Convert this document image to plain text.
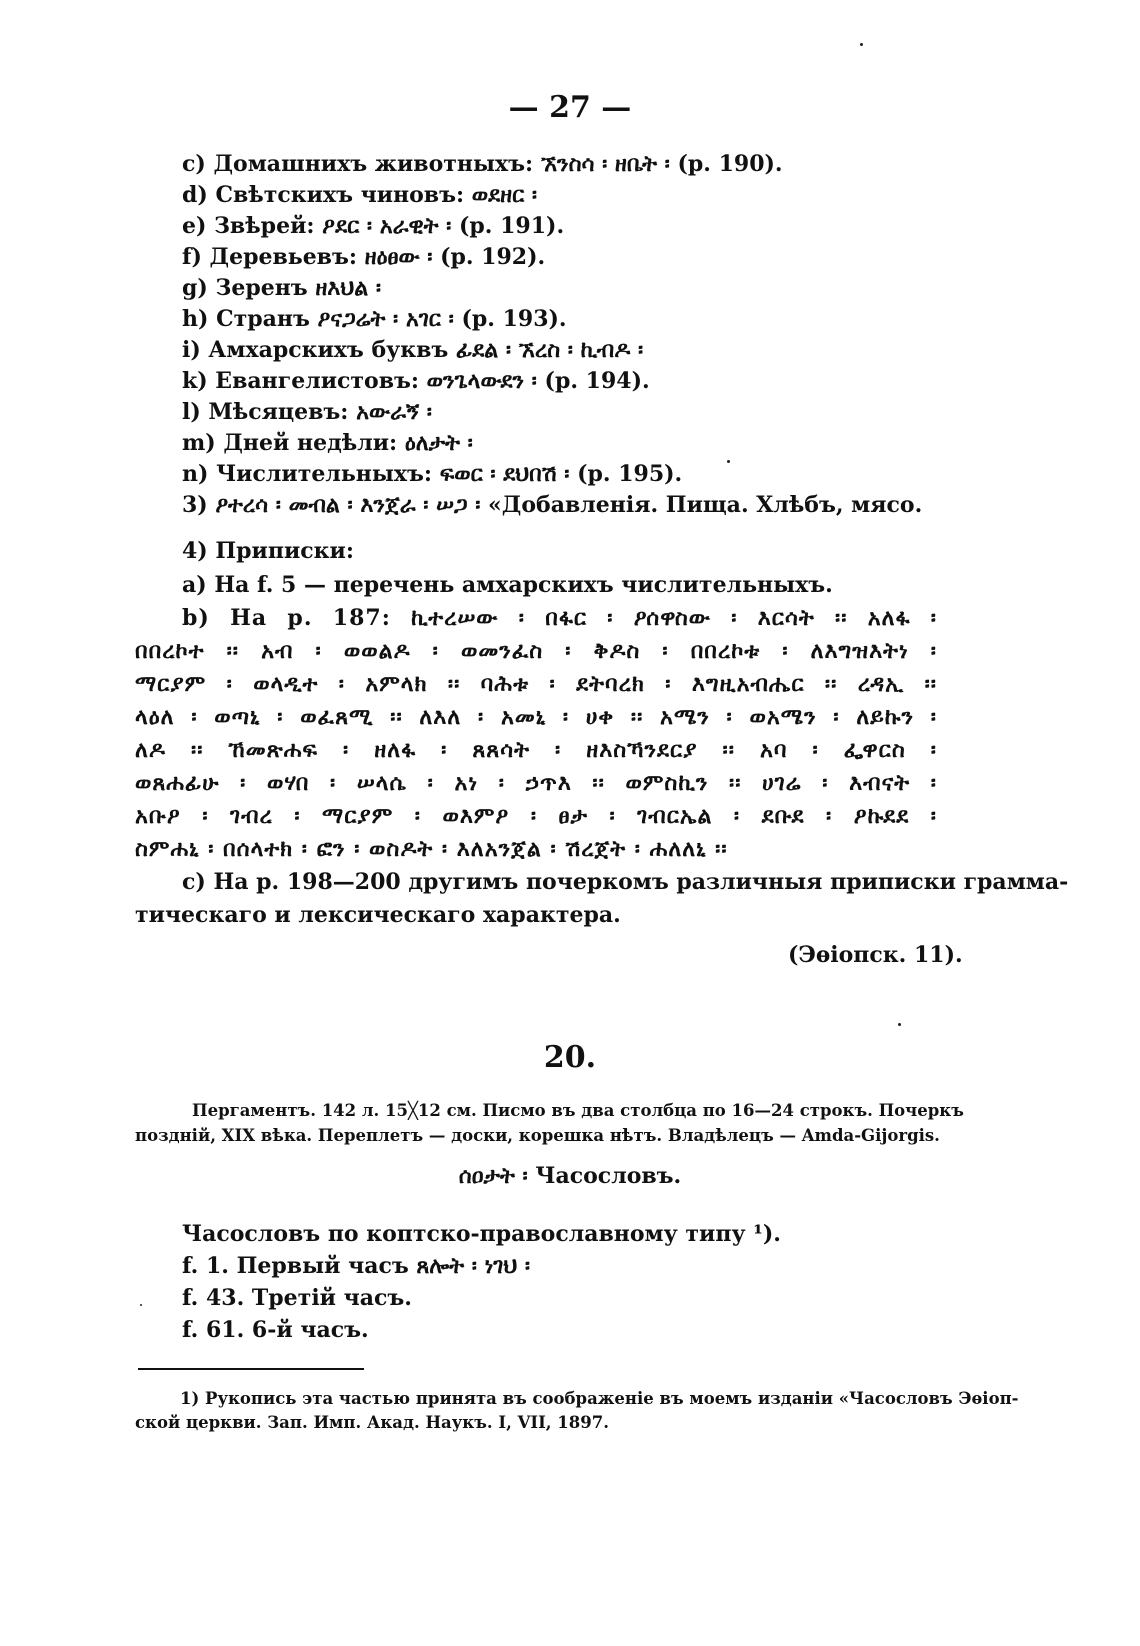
— 27 —
c) Домашнихъ животныхъ: ኧንስሳ ፡ ዘቤት ፡ (р. 190).
d) Свѣтскихъ чиновъ: ወደዘር ፡
e) Звѣрей: ዖደር ፡ አራዊት ፡ (р. 191).
f) Деревьевъ: ዘዕፀው ፡ (р. 192).
g) Зеренъ ዘእህል ፡
h) Странъ ዖናጋሬት ፡ አገር ፡ (р. 193).
i) Амхарскихъ буквъ ፊደል ፡ ኧረስ ፡ ኪብዶ ፡
k) Евангелистовъ: ወንጌላውደን ፡ (р. 194).
l) Мѣсяцевъ: አውራኝ ፡
m) Дней недѣли: ዕለታት ፡
n) Числительныхъ: ፍወር ፡ ደህበሽ ፡ (р. 195).
3) ዖተረሳ ፡ መብል ፡ እንጀራ ፡ ሠጋ ፡ «Добавленія. Пища. Хлѣбъ, мясо.
4) Приписки:
a) На f. 5 — перечень амхарскихъ числительныхъ.
b) На р. 187: ኪተረሠው ፡ በፋር ፡ ዖሰዋስው ፡ እርሳት ፡፡ አለፋ ፡
በበረኮተ ፡፡ አብ ፡ ወወልዶ ፡ ወመንፈስ ፡ ቅዶስ ፡ በበረኮቱ ፡ ለእግዝእትነ ፡
ማርያም ፡ ወላዲተ ፡ አምላክ ፡፡ ባሕቱ ፡ ደትባረክ ፡ እግዚአብሔር ፡፡ ረዳኢ ፡፡
ላዕለ ፡ ወጣኒ ፡ ወፈጸሚ ፡፡ ለእለ ፡ አመኒ ፡ ሀቀ ፡፡ አሜን ፡ ወአሜን ፡ ለይኩን ፡
ለዶ ፡፡ ኸመጽሐፍ ፡ ዘለፋ ፡ ጸጸሳት ፡ ዘእስኻንደርያ ፡፡ አባ ፡ ፌዋርስ ፡
ወጸሐፊሁ ፡ ወሃበ ፡ ሠላሴ ፡ አነ ፡ ኃጥእ ፡፡ ወምስኪን ፡፡ ሀገሬ ፡ እብናት ፡
አቡዖ ፡ ገብረ ፡ ማርያም ፡ ወእምዖ ፡ ፀታ ፡ ገብርኤል ፡ ደቡደ ፡ ዖኩደደ ፡
ስምሐኒ ፡ በሰላተክ ፡ ፎን ፡ ወስዶት ፡ እለአንጀል ፡ ሽረጀት ፡ ሐለለኒ ፡፡
c) На р. 198—200 другимъ почеркомъ различныя приписки грамма-
тическаго и лексическаго характера.
(Эѳіопск. 11).
20.
Пергаментъ. 142 л. 15╳12 см. Писмо въ два столбца по 16—24 строкъ. Почеркъ
поздній, XIX вѣка. Переплетъ — доски, корешка нѣтъ. Владѣлецъ — Amda-Gijorgis.
ሰዐታት ፡ Часословъ.
Часословъ по коптско-православному типу ¹).
f. 1. Первый часъ ጸሎት ፡ ነገህ ፡
f. 43. Третій часъ.
f. 61. 6-й часъ.
1) Рукопись эта частью принята въ соображеніе въ моемъ изданіи «Часословъ Эѳіоп-
ской церкви. Зап. Имп. Акад. Наукъ. I, VII, 1897.
